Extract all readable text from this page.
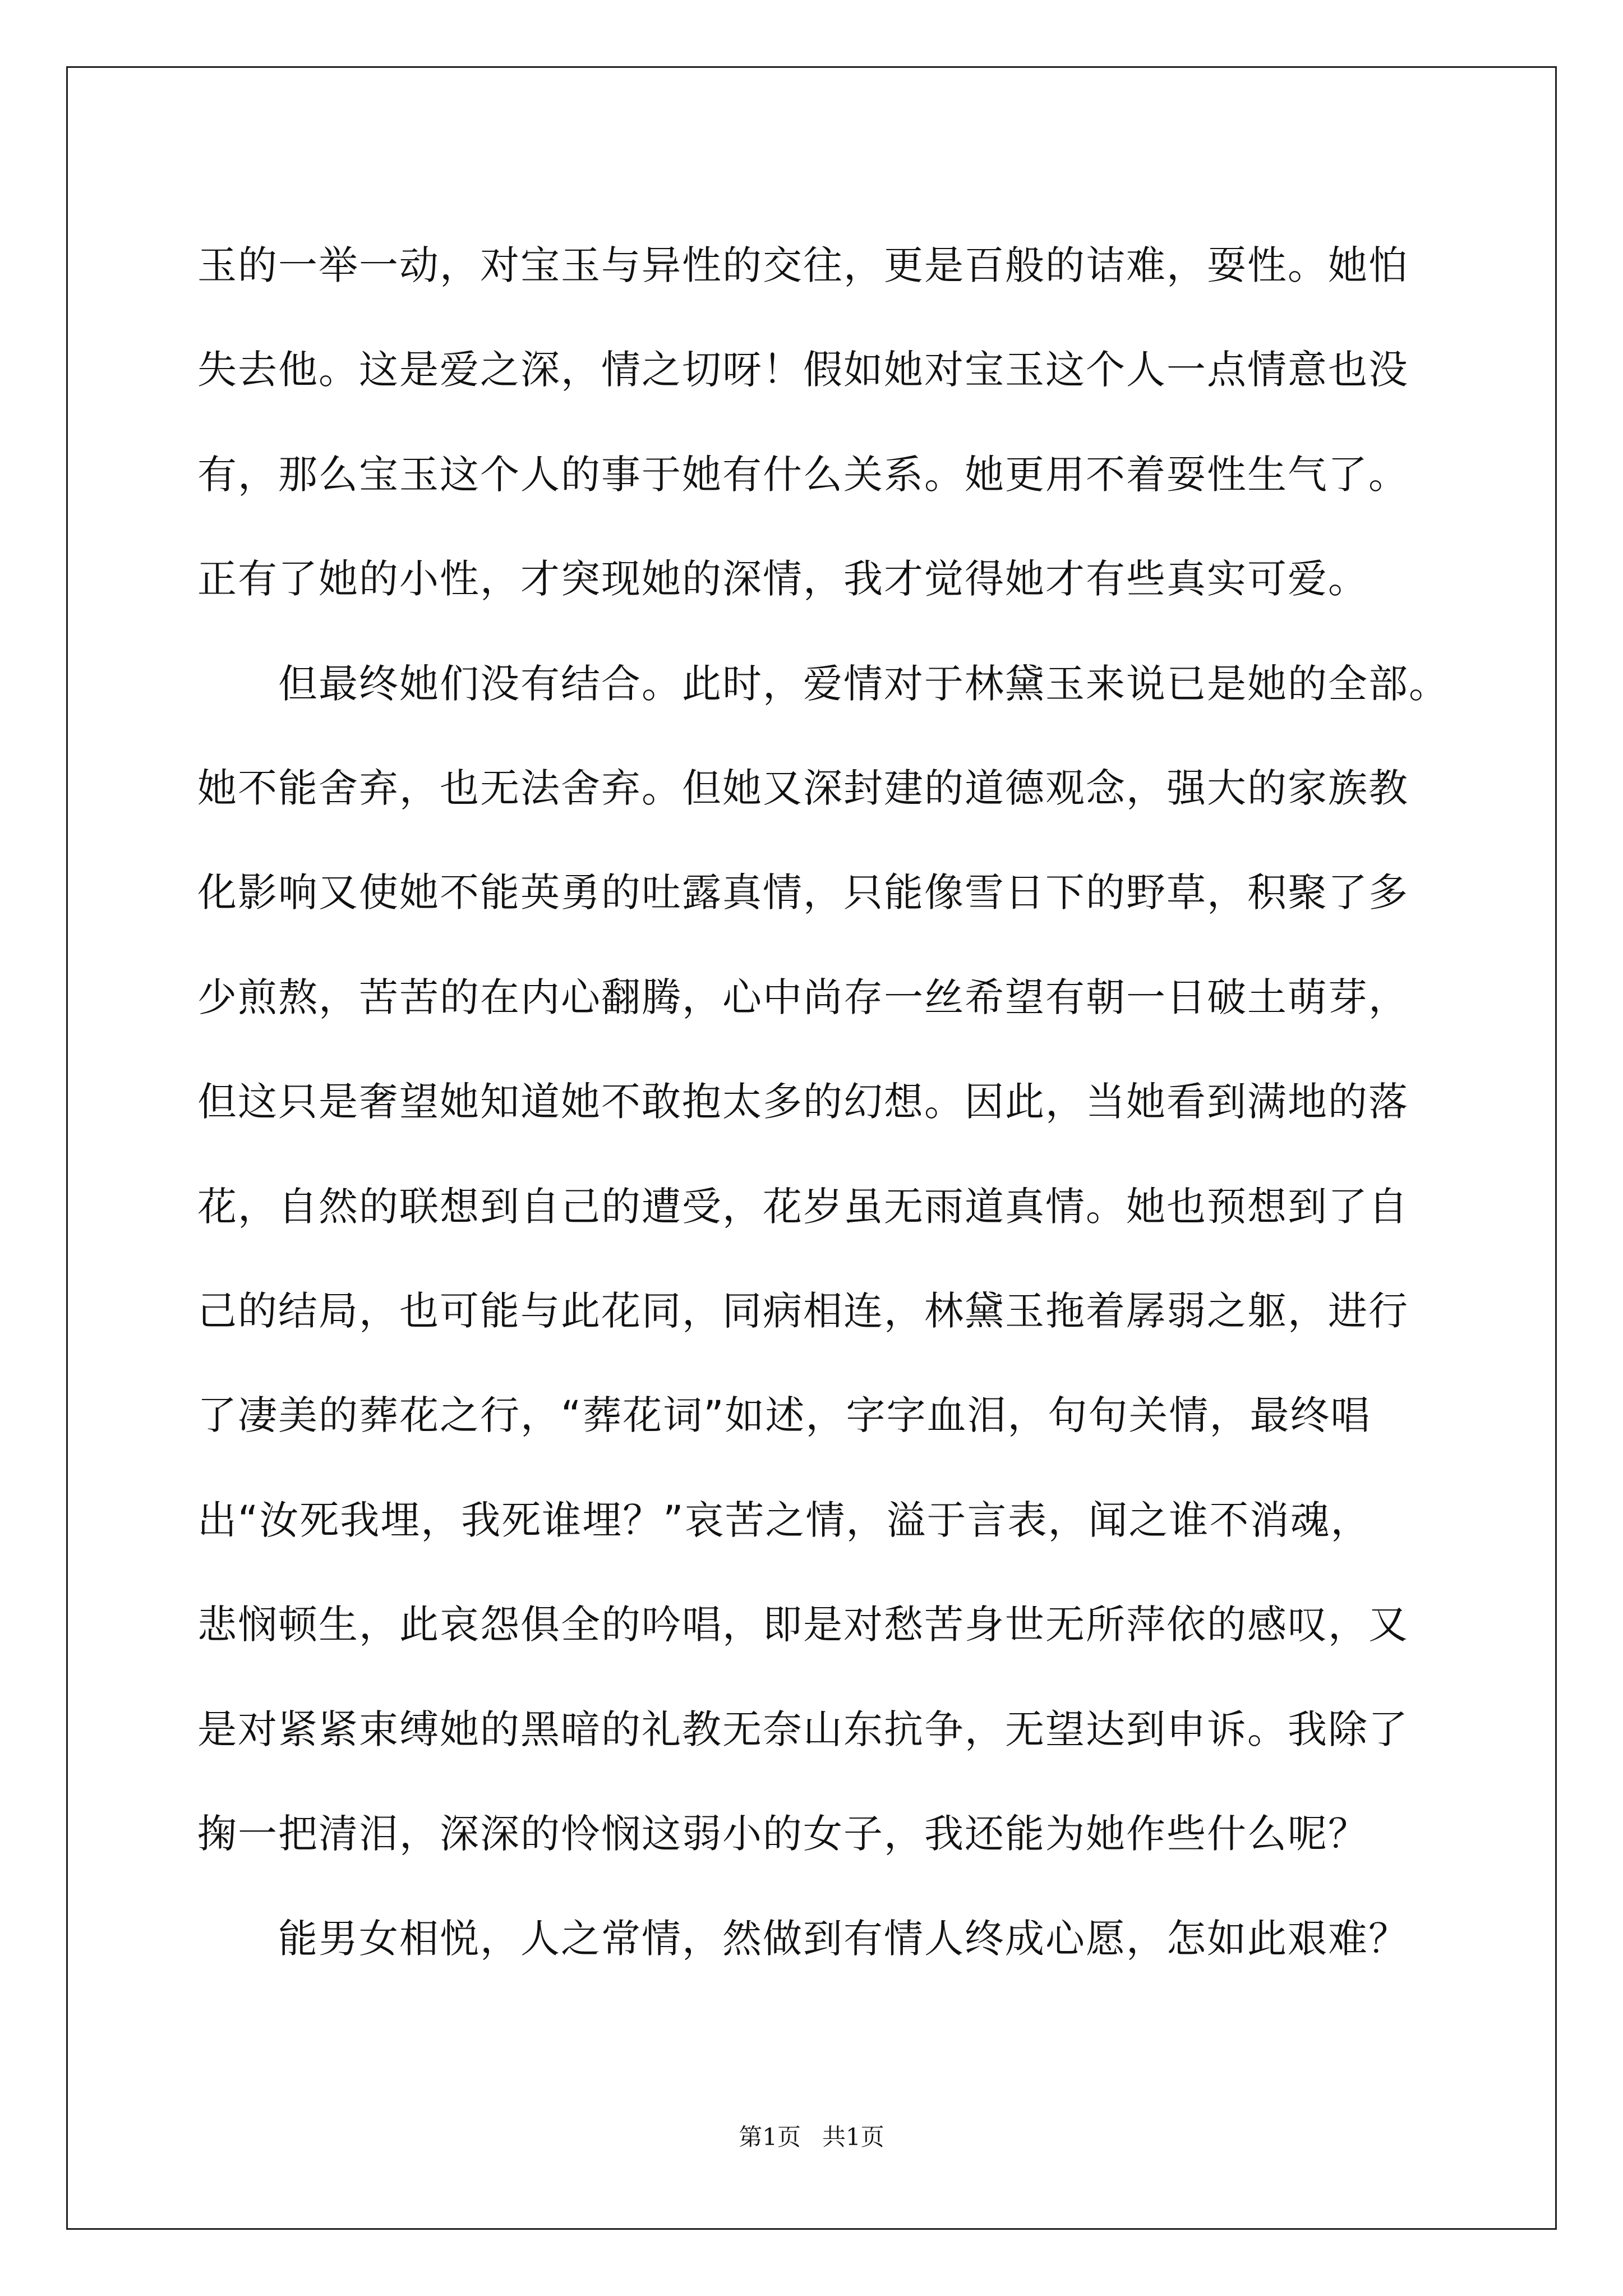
玉的一举一动，对宝玉与异性的交往，更是百般的诘难，耍性。她怕
失去他。这是爱之深，情之切呀！假如她对宝玉这个人一点情意也没
有，那么宝玉这个人的事于她有什么关系。她更用不着耍性生气了。
正有了她的小性，才突现她的深情，我才觉得她才有些真实可爱。
　　但最终她们没有结合。此时，爱情对于林黛玉来说已是她的全部。
她不能舍弃，也无法舍弃。但她又深封建的道德观念，强大的家族教
化影响又使她不能英勇的吐露真情，只能像雪日下的野草，积聚了多
少煎熬，苦苦的在内心翻腾，心中尚存一丝希望有朝一日破土萌芽，
但这只是奢望她知道她不敢抱太多的幻想。因此，当她看到满地的落
花，自然的联想到自己的遭受，花岁虽无雨道真情。她也预想到了自
己的结局，也可能与此花同，同病相连，林黛玉拖着孱弱之躯，进行
了凄美的葬花之行，“葬花词”如述，字字血泪，句句关情，最终唱
出“汝死我埋，我死谁埋？”哀苦之情，溢于言表，闻之谁不消魂，
悲悯顿生，此哀怨俱全的吟唱，即是对愁苦身世无所萍依的感叹，又
是对紧紧束缚她的黑暗的礼教无奈山东抗争，无望达到申诉。我除了
掬一把清泪，深深的怜悯这弱小的女子，我还能为她作些什么呢？
　　能男女相悦，人之常情，然做到有情人终成心愿，怎如此艰难？
第1页 共1页
